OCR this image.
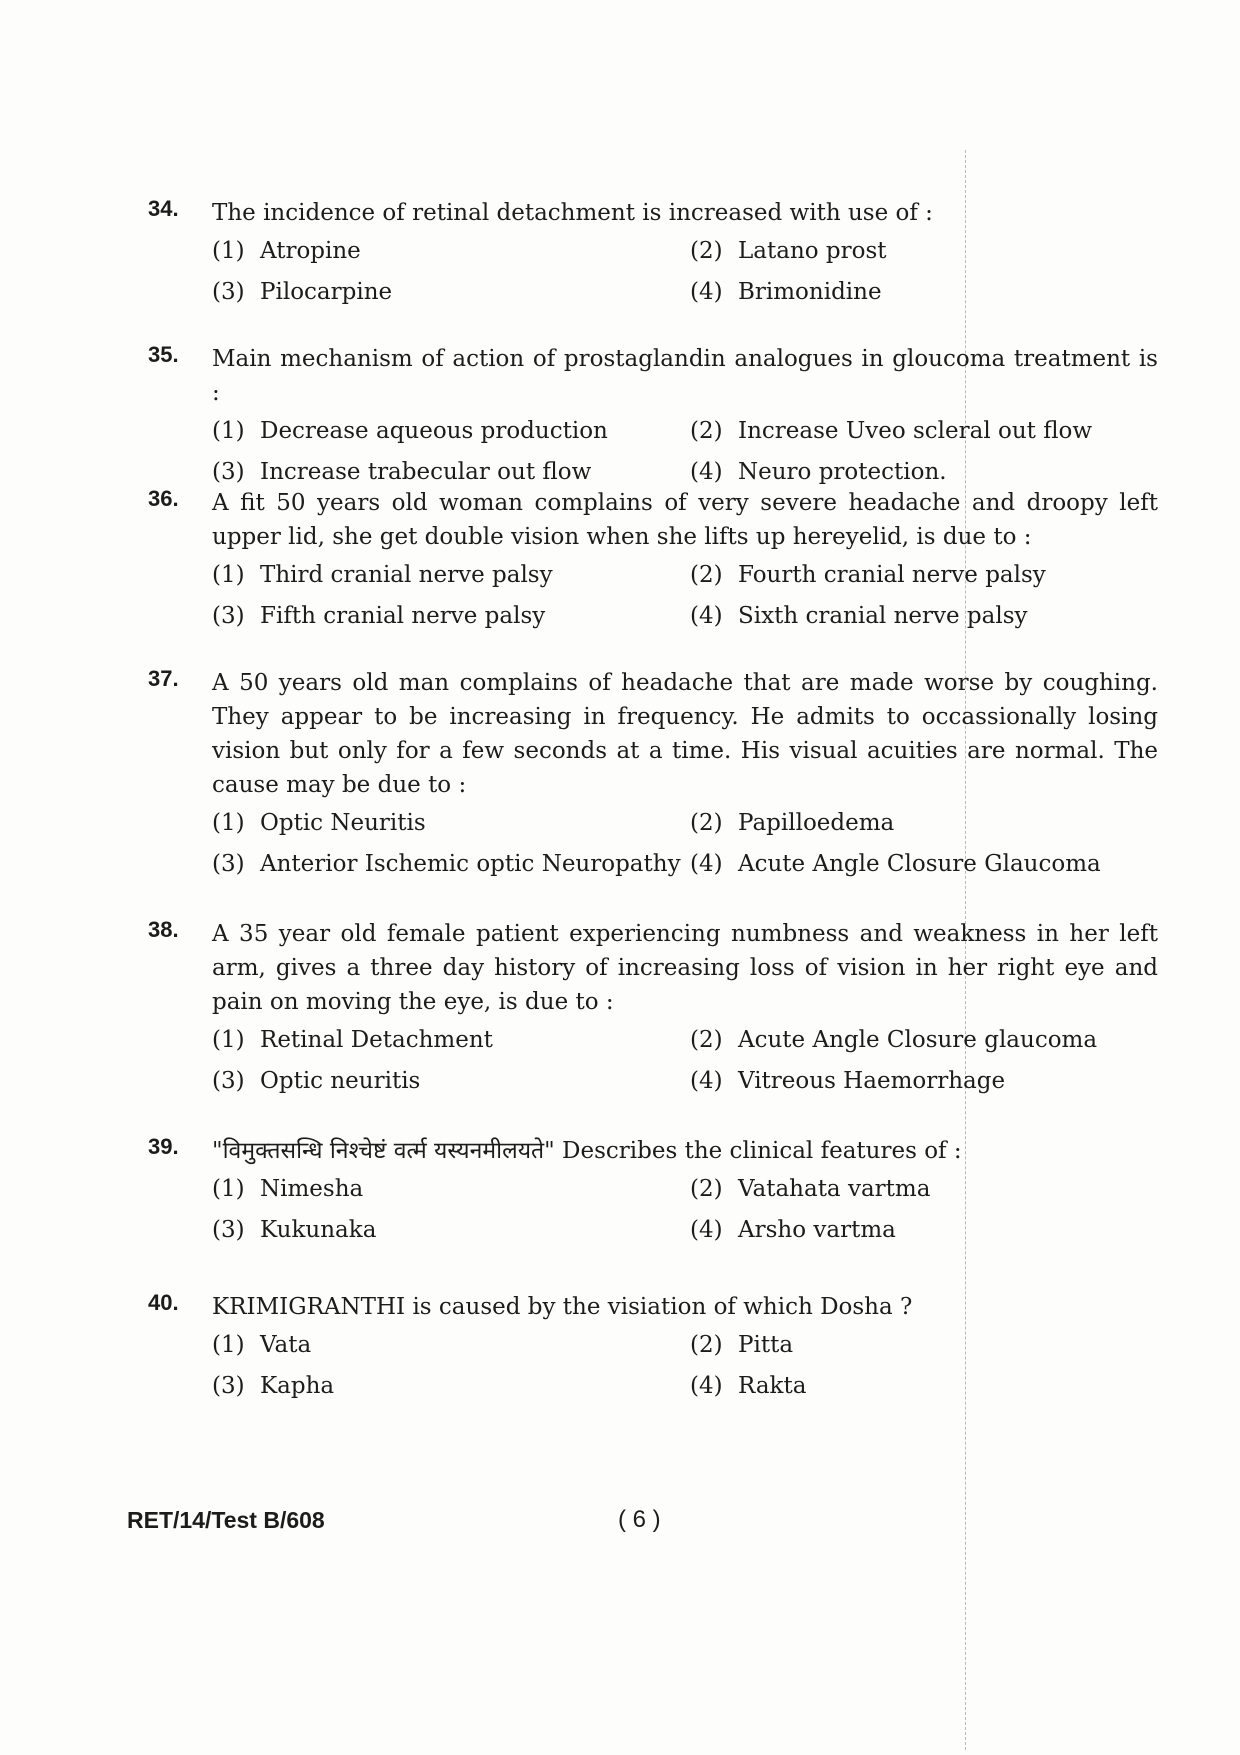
34. The incidence of retinal detachment is increased with use of :
(1) Atropine	(2) Latano prost
(3) Pilocarpine	(4) Brimonidine
35. Main mechanism of action of prostaglandin analogues in gloucoma treatment is :
(1) Decrease aqueous production	(2) Increase Uveo scleral out flow
(3) Increase trabecular out flow	(4) Neuro protection.
36. A fit 50 years old woman complains of very severe headache and droopy left upper lid, she get double vision when she lifts up hereyelid, is due to :
(1) Third cranial nerve palsy	(2) Fourth cranial nerve palsy
(3) Fifth cranial nerve palsy	(4) Sixth cranial nerve palsy
37. A 50 years old man complains of headache that are made worse by coughing. They appear to be increasing in frequency. He admits to occassionally losing vision but only for a few seconds at a time. His visual acuities are normal. The cause may be due to :
(1) Optic Neuritis	(2) Papilloedema
(3) Anterior Ischemic optic Neuropathy (4) Acute Angle Closure Glaucoma
38. A 35 year old female patient experiencing numbness and weakness in her left arm, gives a three day history of increasing loss of vision in her right eye and pain on moving the eye, is due to :
(1) Retinal Detachment	(2) Acute Angle Closure glaucoma
(3) Optic neuritis	(4) Vitreous Haemorrhage
39. "विमुक्तसन्धि निश्चेष्टं वर्त्म यस्यनमीलयते" Describes the clinical features of :
(1) Nimesha	(2) Vatahata vartma
(3) Kukunaka	(4) Arsho vartma
40. KRIMIGRANTHI is caused by the visiation of which Dosha ?
(1) Vata	(2) Pitta
(3) Kapha	(4) Rakta
RET/14/Test B/608	( 6 )
